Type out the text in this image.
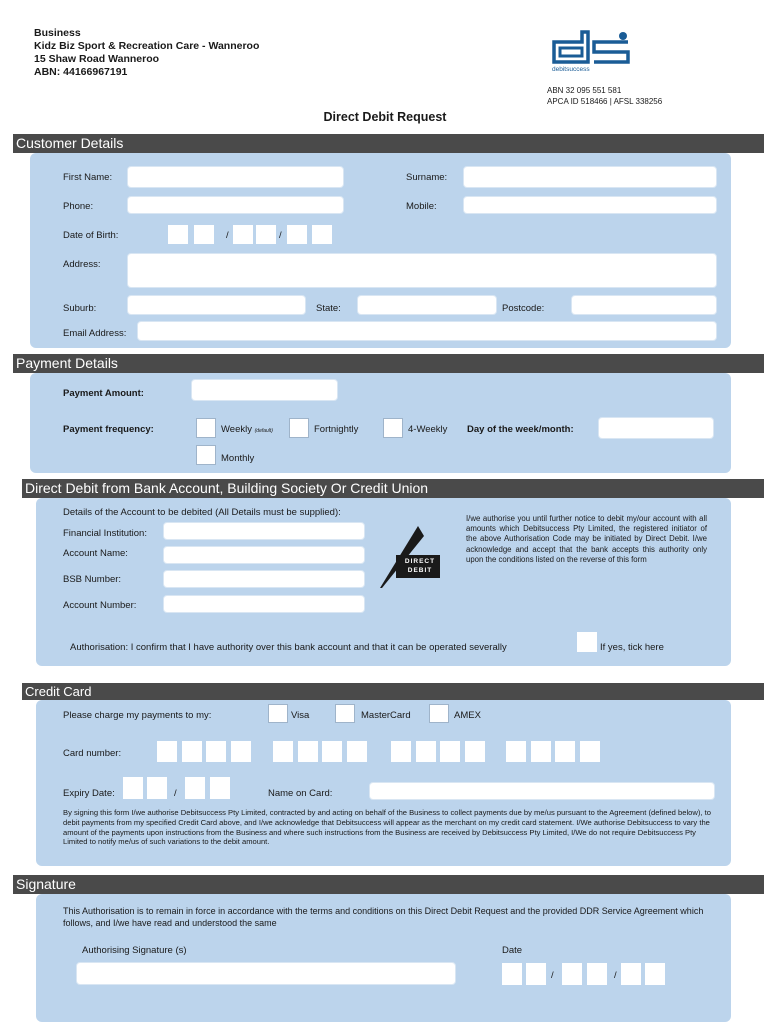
Business
Kidz Biz Sport & Recreation Care - Wanneroo
15 Shaw Road Wanneroo
ABN: 44166967191	debitsuccess
ABN 32 095 551 581
APCA ID 518466 | AFSL 338256
Direct Debit Request
Customer Details
First Name:	Surname:
Phone:	Mobile:
Date of Birth:	/	/
Address:
Suburb:	State:	Postcode:
Email Address:
Payment Details
Payment Amount:
Payment frequency:	Weekly (default)	Fortnightly	4-Weekly Day of the week/month:
Monthly
Direct Debit from Bank Account, Building Society Or Credit Union
Details of the Account to be debited (All Details must be supplied):
Financial Institution:
Account Name:
BSB Number:
Account Number:
DIRECT
DEBIT
I/we authorise you until further notice to debit my/our account with all amounts which Debitsuccess Pty Limited, the registered initiator of the above Authorisation Code may be initiated by Direct Debit. I/we acknowledge and accept that the bank accepts this authority only upon the conditions listed on the reverse of this form
Authorisation: I confirm that I have authority over this bank account and that it can be operated severally	If yes, tick here
Credit Card
Please charge my payments to my:	Visa	MasterCard	AMEX
Card number:
Expiry Date:	/	Name on Card:
By signing this form I/we authorise Debitsuccess Pty Limited, contracted by and acting on behalf of the Business to collect payments due by me/us pursuant to the Agreement (defined below), to debit payments from my specified Credit Card above, and I/we acknowledge that Debitsuccess will appear as the merchant on my credit card statement. I/We authorise Debitsuccess to vary the amount of the payments upon instructions from the Business and where such instructions from the Business are received by Debitsuccess Pty Limited, I/We do not require Debitsuccess Pty Limited to notify me/us of such variations to the debit amount.
Signature
This Authorisation is to remain in force in accordance with the terms and conditions on this Direct Debit Request and the provided DDR Service Agreement which follows, and I/we have read and understood the same
Authorising Signature (s)	Date
/	/
